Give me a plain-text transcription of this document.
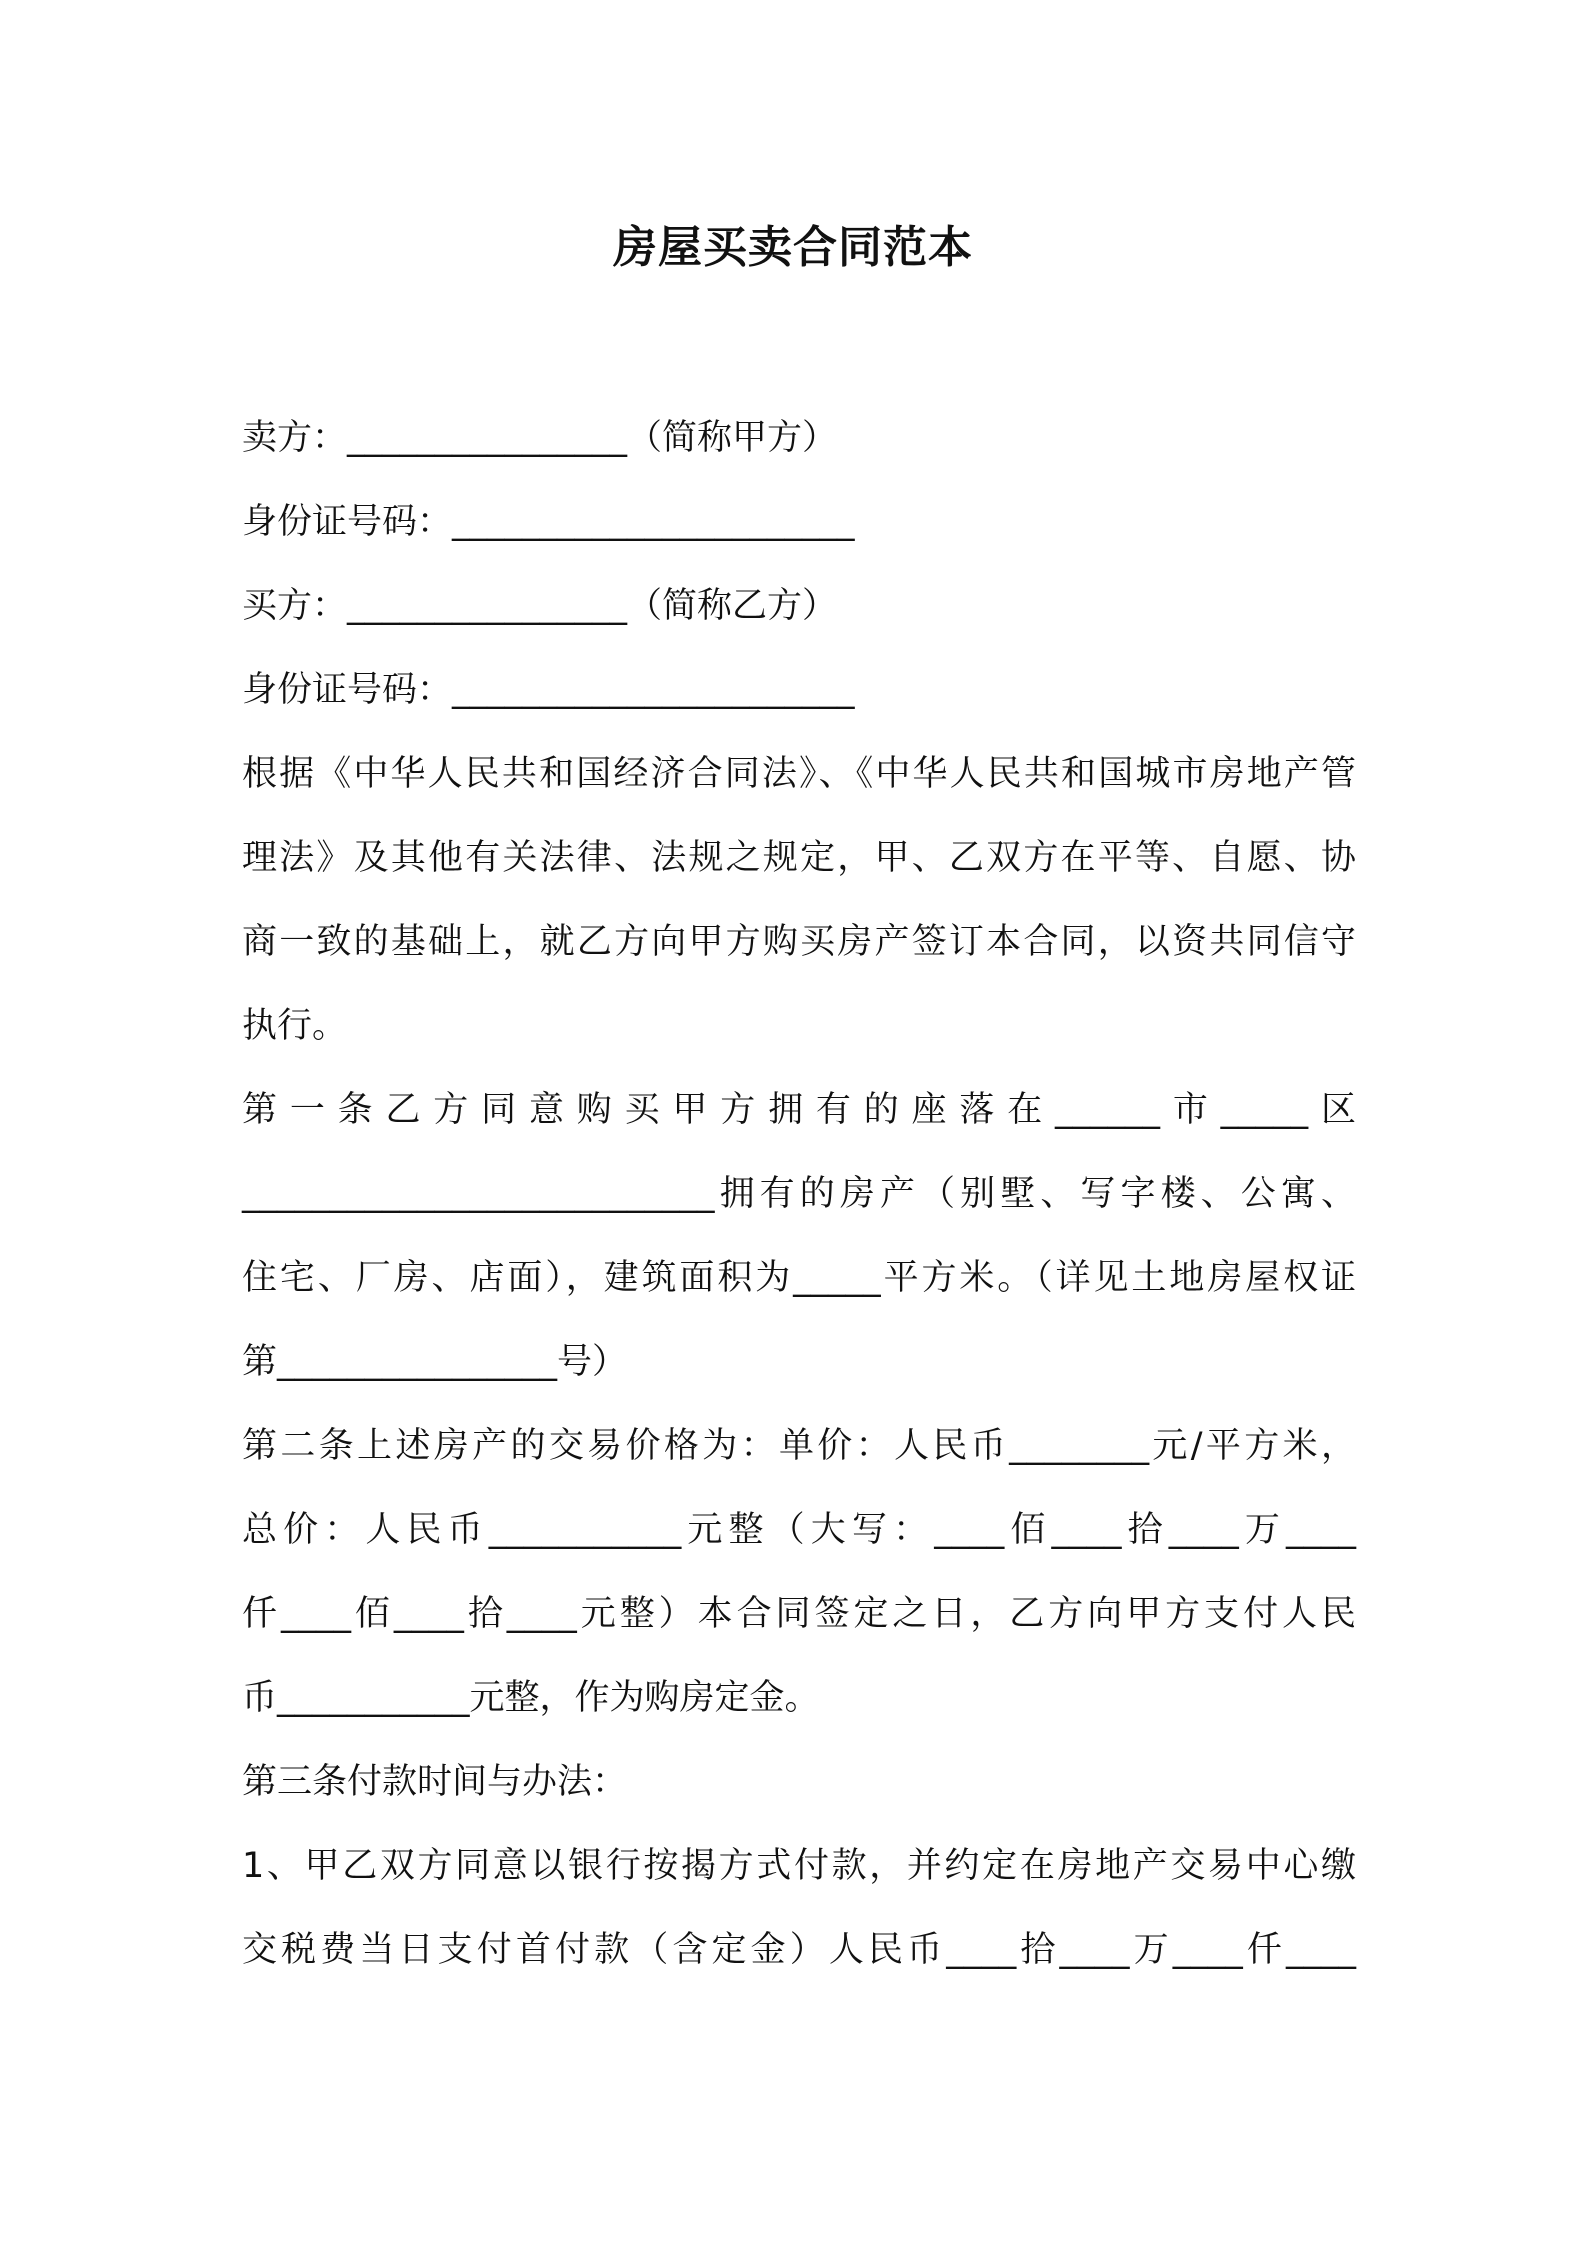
房屋买卖合同范本
卖方：________________（简称甲方）
身份证号码：_______________________
买方：________________（简称乙方）
身份证号码：_______________________
根据《中华人民共和国经济合同法》、《中华人民共和国城市房地产管
理法》及其他有关法律、法规之规定，甲、乙双方在平等、自愿、协
商一致的基础上，就乙方向甲方购买房产签订本合同，以资共同信守
执行。
第一条乙方同意购买甲方拥有的座落在______市_____区
___________________________拥有的房产（别墅、写字楼、公寓、
住宅、厂房、店面），建筑面积为_____平方米。（详见土地房屋权证
第________________号）
第二条上述房产的交易价格为：单价：人民币________元/平方米，
总价：人民币___________元整（大写：____佰____拾____万____
仟____佰____拾____元整）本合同签定之日，乙方向甲方支付人民
币___________元整，作为购房定金。
第三条付款时间与办法：
1、甲乙双方同意以银行按揭方式付款，并约定在房地产交易中心缴
交税费当日支付首付款（含定金）人民币____拾____万____仟____
